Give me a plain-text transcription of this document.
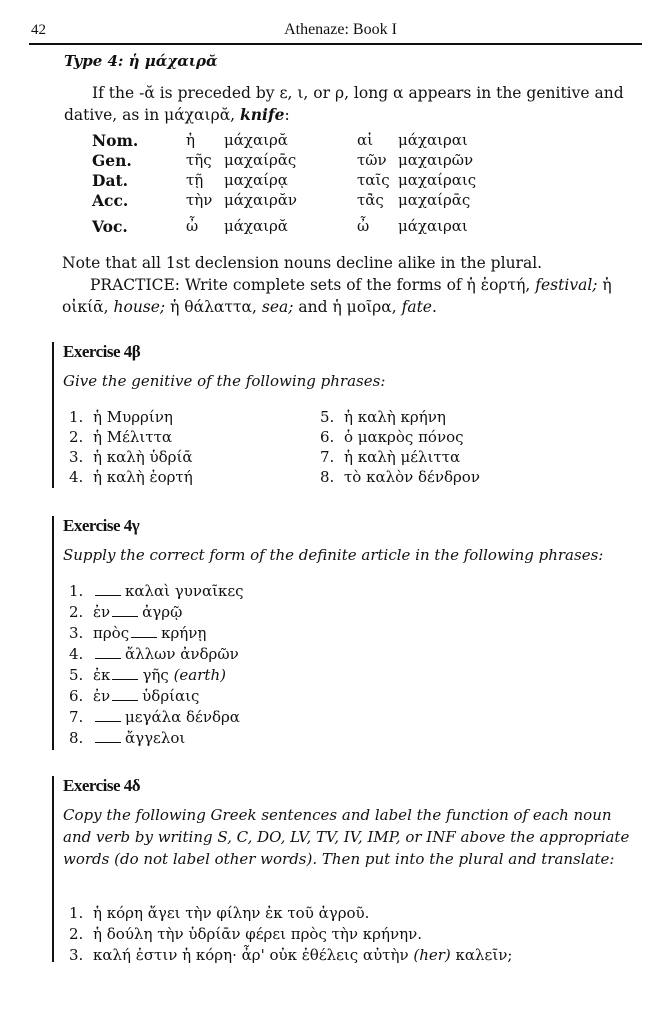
42	Athenaze: Book I
Type 4: ἡ μάχαιρᾰ
If the -ᾰ is preceded by ε, ι, or ρ, long α appears in the genitive and dative, as in μάχαιρᾰ, knife:
Nom.	ἡ μάχαιρᾰ	αἱ μάχαιραι
Gen.	τῆς μαχαίρᾱς	τῶν μαχαιρῶν
Dat.	τῇ μαχαίρᾳ	ταῖς μαχαίραις
Acc.	τὴν μάχαιρᾰν	τᾱ̀ς μαχαίρᾱς
Voc.	ὦ μάχαιρᾰ	ὦ μάχαιραι
Note that all 1st declension nouns decline alike in the plural.
PRACTICE: Write complete sets of the forms of ἡ ἑορτή, festival; ἡ οἰκίᾱ, house; ἡ θάλαττα, sea; and ἡ μοῖρα, fate.
Exercise 4β
Give the genitive of the following phrases:
1. ἡ Μυρρίνη
2. ἡ Μέλιττα
3. ἡ καλὴ ὑδρίᾱ
4. ἡ καλὴ ἑορτή
5. ἡ καλὴ κρήνη
6. ὁ μακρὸς πόνος
7. ἡ καλὴ μέλιττα
8. τὸ καλὸν δένδρον
Exercise 4γ
Supply the correct form of the definite article in the following phrases:
1.	καλαὶ γυναῖκες
2. ἐν ἀγρῷ
3. πρὸς κρήνῃ
4.	ἄλλων ἀνδρῶν
5. ἐκ γῆς (earth)
6. ἐν ὑδρίαις
7.	μεγάλα δένδρα
8.	ἄγγελοι
Exercise 4δ
Copy the following Greek sentences and label the function of each noun and verb by writing S, C, DO, LV, TV, IV, IMP, or INF above the appropriate words (do not label other words). Then put into the plural and translate:
1. ἡ κόρη ἄγει τὴν φίλην ἐκ τοῦ ἀγροῦ.
2. ἡ δούλη τὴν ὑδρίᾱν φέρει πρὸς τὴν κρήνην.
3. καλή ἐστιν ἡ κόρη· ἆρ' οὐκ ἐθέλεις αὐτὴν (her) καλεῖν;
